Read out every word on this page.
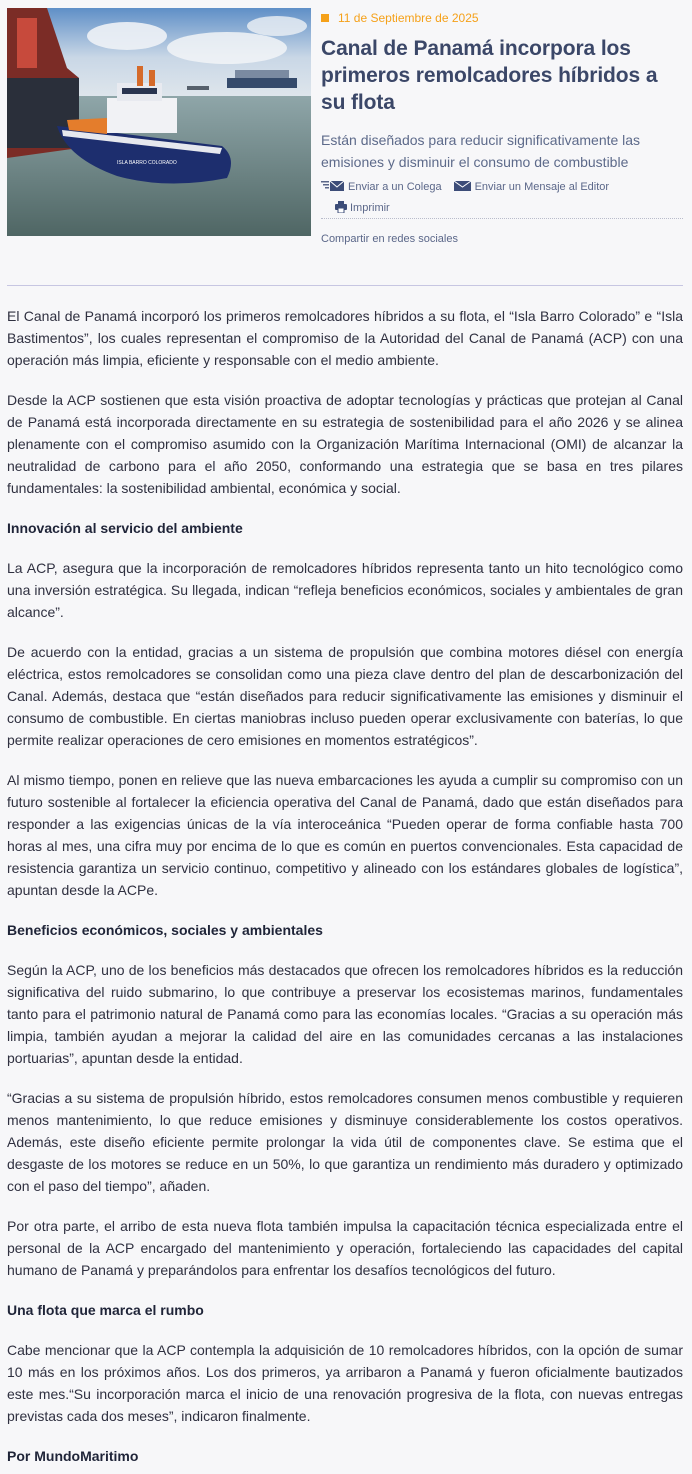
ISLA BARRO COLORADO
11 de Septiembre de 2025
Canal de Panamá incorpora los primeros remolcadores híbridos a su flota
Están diseñados para reducir significativamente las emisiones y disminuir el consumo de combustible
Enviar a un Colega	Enviar un Mensaje al Editor
Imprimir
Compartir en redes sociales

El Canal de Panamá incorporó los primeros remolcadores híbridos a su flota, el “Isla Barro Colorado” e “Isla Bastimentos”, los cuales representan el compromiso de la Autoridad del Canal de Panamá (ACP) con una operación más limpia, eficiente y responsable con el medio ambiente.

Desde la ACP sostienen que esta visión proactiva de adoptar tecnologías y prácticas que protejan al Canal de Panamá está incorporada directamente en su estrategia de sostenibilidad para el año 2026 y se alinea plenamente con el compromiso asumido con la Organización Marítima Internacional (OMI) de alcanzar la neutralidad de carbono para el año 2050, conformando una estrategia que se basa en tres pilares fundamentales: la sostenibilidad ambiental, económica y social.

Innovación al servicio del ambiente

La ACP, asegura que la incorporación de remolcadores híbridos representa tanto un hito tecnológico como una inversión estratégica. Su llegada, indican “refleja beneficios económicos, sociales y ambientales de gran alcance”.

De acuerdo con la entidad, gracias a un sistema de propulsión que combina motores diésel con energía eléctrica, estos remolcadores se consolidan como una pieza clave dentro del plan de descarbonización del Canal. Además, destaca que “están diseñados para reducir significativamente las emisiones y disminuir el consumo de combustible. En ciertas maniobras incluso pueden operar exclusivamente con baterías, lo que permite realizar operaciones de cero emisiones en momentos estratégicos”.

Al mismo tiempo, ponen en relieve que las nueva embarcaciones les ayuda a cumplir su compromiso con un futuro sostenible al fortalecer la eficiencia operativa del Canal de Panamá, dado que están diseñados para responder a las exigencias únicas de la vía interoceánica “Pueden operar de forma confiable hasta 700 horas al mes, una cifra muy por encima de lo que es común en puertos convencionales. Esta capacidad de resistencia garantiza un servicio continuo, competitivo y alineado con los estándares globales de logística”, apuntan desde la ACPe.

Beneficios económicos, sociales y ambientales

Según la ACP, uno de los beneficios más destacados que ofrecen los remolcadores híbridos es la reducción significativa del ruido submarino, lo que contribuye a preservar los ecosistemas marinos, fundamentales tanto para el patrimonio natural de Panamá como para las economías locales. “Gracias a su operación más limpia, también ayudan a mejorar la calidad del aire en las comunidades cercanas a las instalaciones portuarias”, apuntan desde la entidad.

“Gracias a su sistema de propulsión híbrido, estos remolcadores consumen menos combustible y requieren menos mantenimiento, lo que reduce emisiones y disminuye considerablemente los costos operativos. Además, este diseño eficiente permite prolongar la vida útil de componentes clave. Se estima que el desgaste de los motores se reduce en un 50%, lo que garantiza un rendimiento más duradero y optimizado con el paso del tiempo”, añaden.

Por otra parte, el arribo de esta nueva flota también impulsa la capacitación técnica especializada entre el personal de la ACP encargado del mantenimiento y operación, fortaleciendo las capacidades del capital humano de Panamá y preparándolos para enfrentar los desafíos tecnológicos del futuro.

Una flota que marca el rumbo

Cabe mencionar que la ACP contempla la adquisición de 10 remolcadores híbridos, con la opción de sumar 10 más en los próximos años. Los dos primeros, ya arribaron a Panamá y fueron oficialmente bautizados este mes.“Su incorporación marca el inicio de una renovación progresiva de la flota, con nuevas entregas previstas cada dos meses”, indicaron finalmente.

Por MundoMaritimo
